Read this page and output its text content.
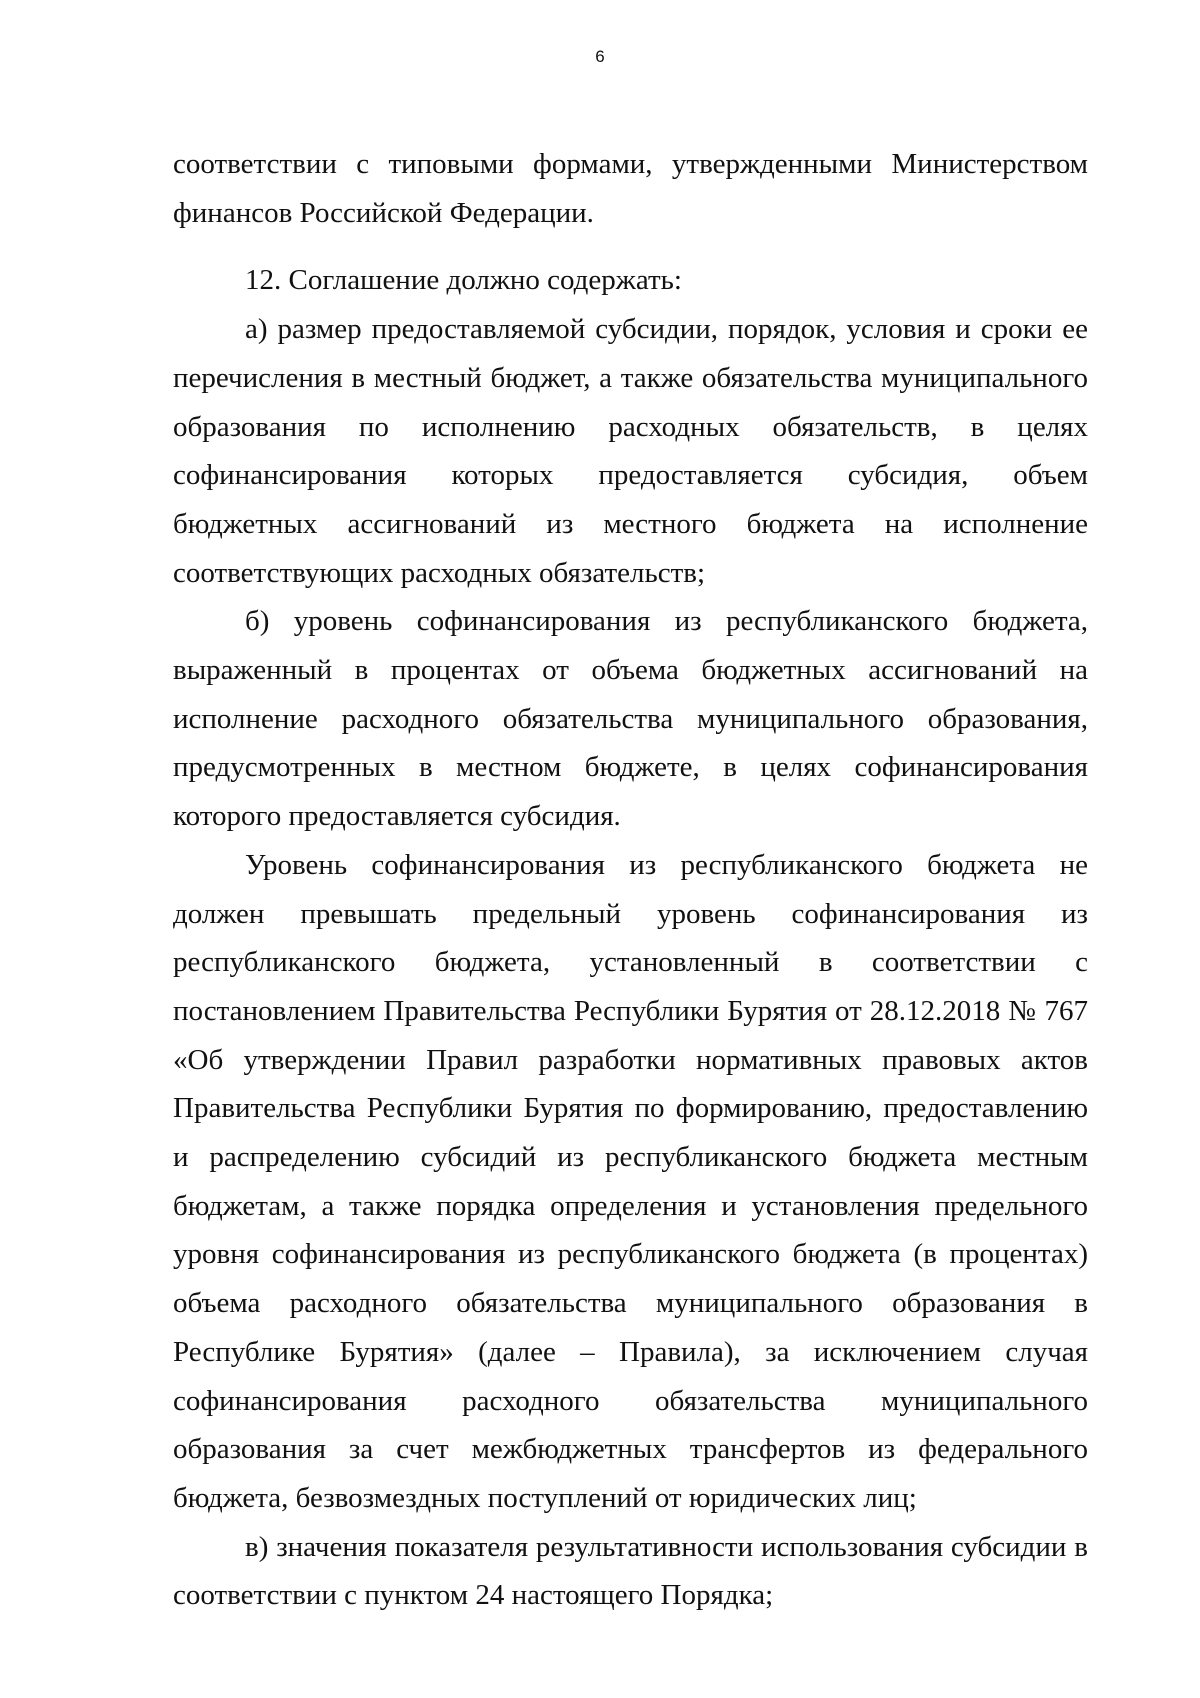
6

соответствии с типовыми формами, утвержденными Министерством финансов Российской Федерации.

12. Соглашение должно содержать:

а) размер предоставляемой субсидии, порядок, условия и сроки ее перечисления в местный бюджет, а также обязательства муниципального образования по исполнению расходных обязательств, в целях софинансирования которых предоставляется субсидия, объем бюджетных ассигнований из местного бюджета на исполнение соответствующих расходных обязательств;

б) уровень софинансирования из республиканского бюджета, выраженный в процентах от объема бюджетных ассигнований на исполнение расходного обязательства муниципального образования, предусмотренных в местном бюджете, в целях софинансирования которого предоставляется субсидия.

Уровень софинансирования из республиканского бюджета не должен превышать предельный уровень софинансирования из республиканского бюджета, установленный в соответствии с постановлением Правительства Республики Бурятия от 28.12.2018 № 767 «Об утверждении Правил разработки нормативных правовых актов Правительства Республики Бурятия по формированию, предоставлению и распределению субсидий из республиканского бюджета местным бюджетам, а также порядка определения и установления предельного уровня софинансирования из республиканского бюджета (в процентах) объема расходного обязательства муниципального образования в Республике Бурятия» (далее – Правила), за исключением случая софинансирования расходного обязательства муниципального образования за счет межбюджетных трансфертов из федерального бюджета, безвозмездных поступлений от юридических лиц;

в) значения показателя результативности использования субсидии в соответствии с пунктом 24 настоящего Порядка;
